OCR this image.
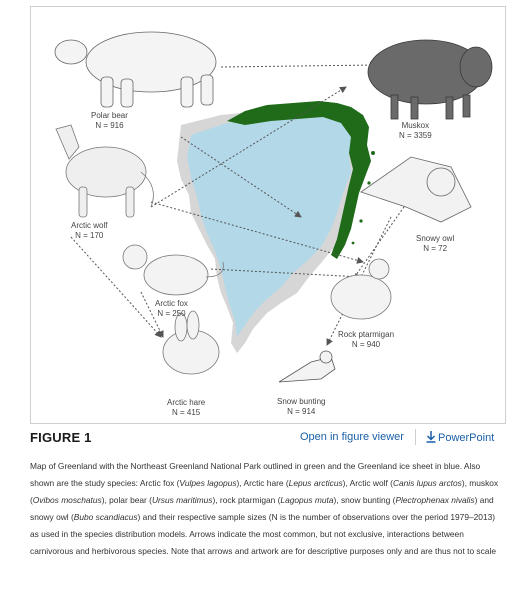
Polar bear
N = 916	Muskox
N = 3359
Arctic wolf
N = 170	Snowy owl
N = 72
Arctic fox
N = 250
Rock ptarmigan
N = 940
Arctic hare
N = 415
Snow bunting
N = 914
FIGURE 1	Open in figure viewer	PowerPoint
Map of Greenland with the Northeast Greenland National Park outlined in green and the Greenland ice sheet in blue. Also shown are the study species: Arctic fox (Vulpes lagopus), Arctic hare (Lepus arcticus), Arctic wolf (Canis lupus arctos), muskox (Ovibos moschatus), polar bear (Ursus maritimus), rock ptarmigan (Lagopus muta), snow bunting (Plectrophenax nivalis) and snowy owl (Bubo scandiacus) and their respective sample sizes (N is the number of observations over the period 1979–2013) as used in the species distribution models. Arrows indicate the most common, but not exclusive, interactions between carnivorous and herbivorous species. Note that arrows and artwork are for descriptive purposes only and are thus not to scale
